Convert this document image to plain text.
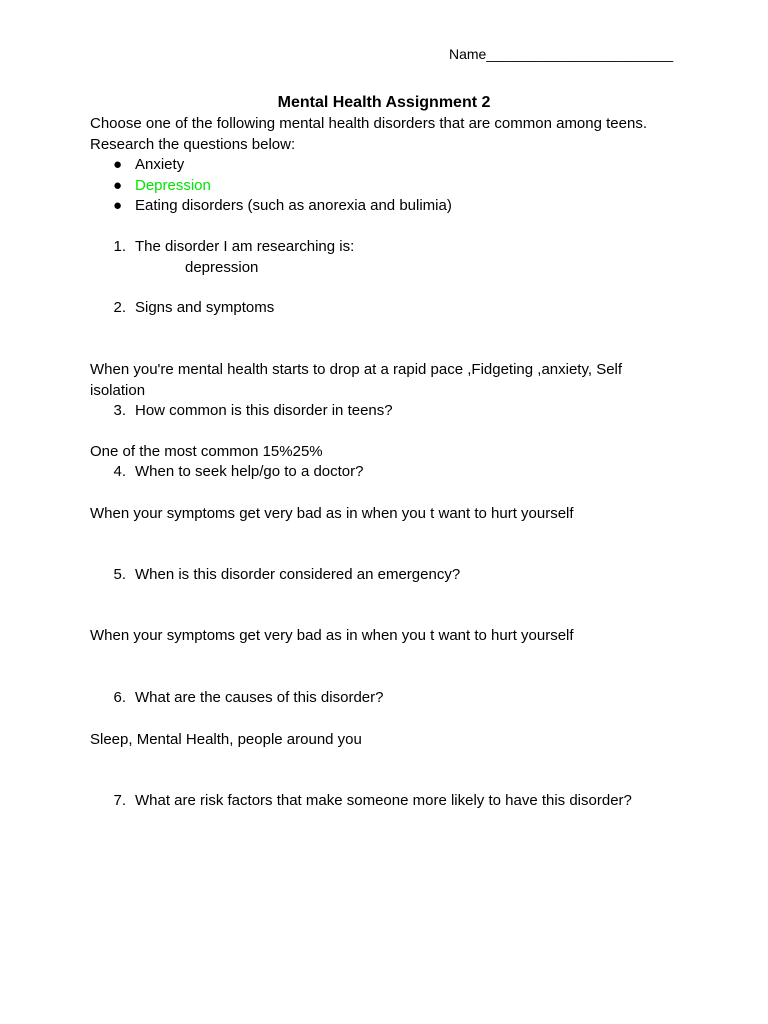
Name________________________
Mental Health Assignment 2
Choose one of the following mental health disorders that are common among teens.
Research the questions below:
● Anxiety
● Depression
● Eating disorders (such as anorexia and bulimia)
1. The disorder I am researching is:
depression
2. Signs and symptoms
When you're mental health starts to drop at a rapid pace ,Fidgeting ,anxiety, Self
isolation
3. How common is this disorder in teens?
One of the most common 15%25%
4. When to seek help/go to a doctor?
When your symptoms get very bad as in when you t want to hurt yourself
5. When is this disorder considered an emergency?
When your symptoms get very bad as in when you t want to hurt yourself
6. What are the causes of this disorder?
Sleep, Mental Health, people around you
7. What are risk factors that make someone more likely to have this disorder?
